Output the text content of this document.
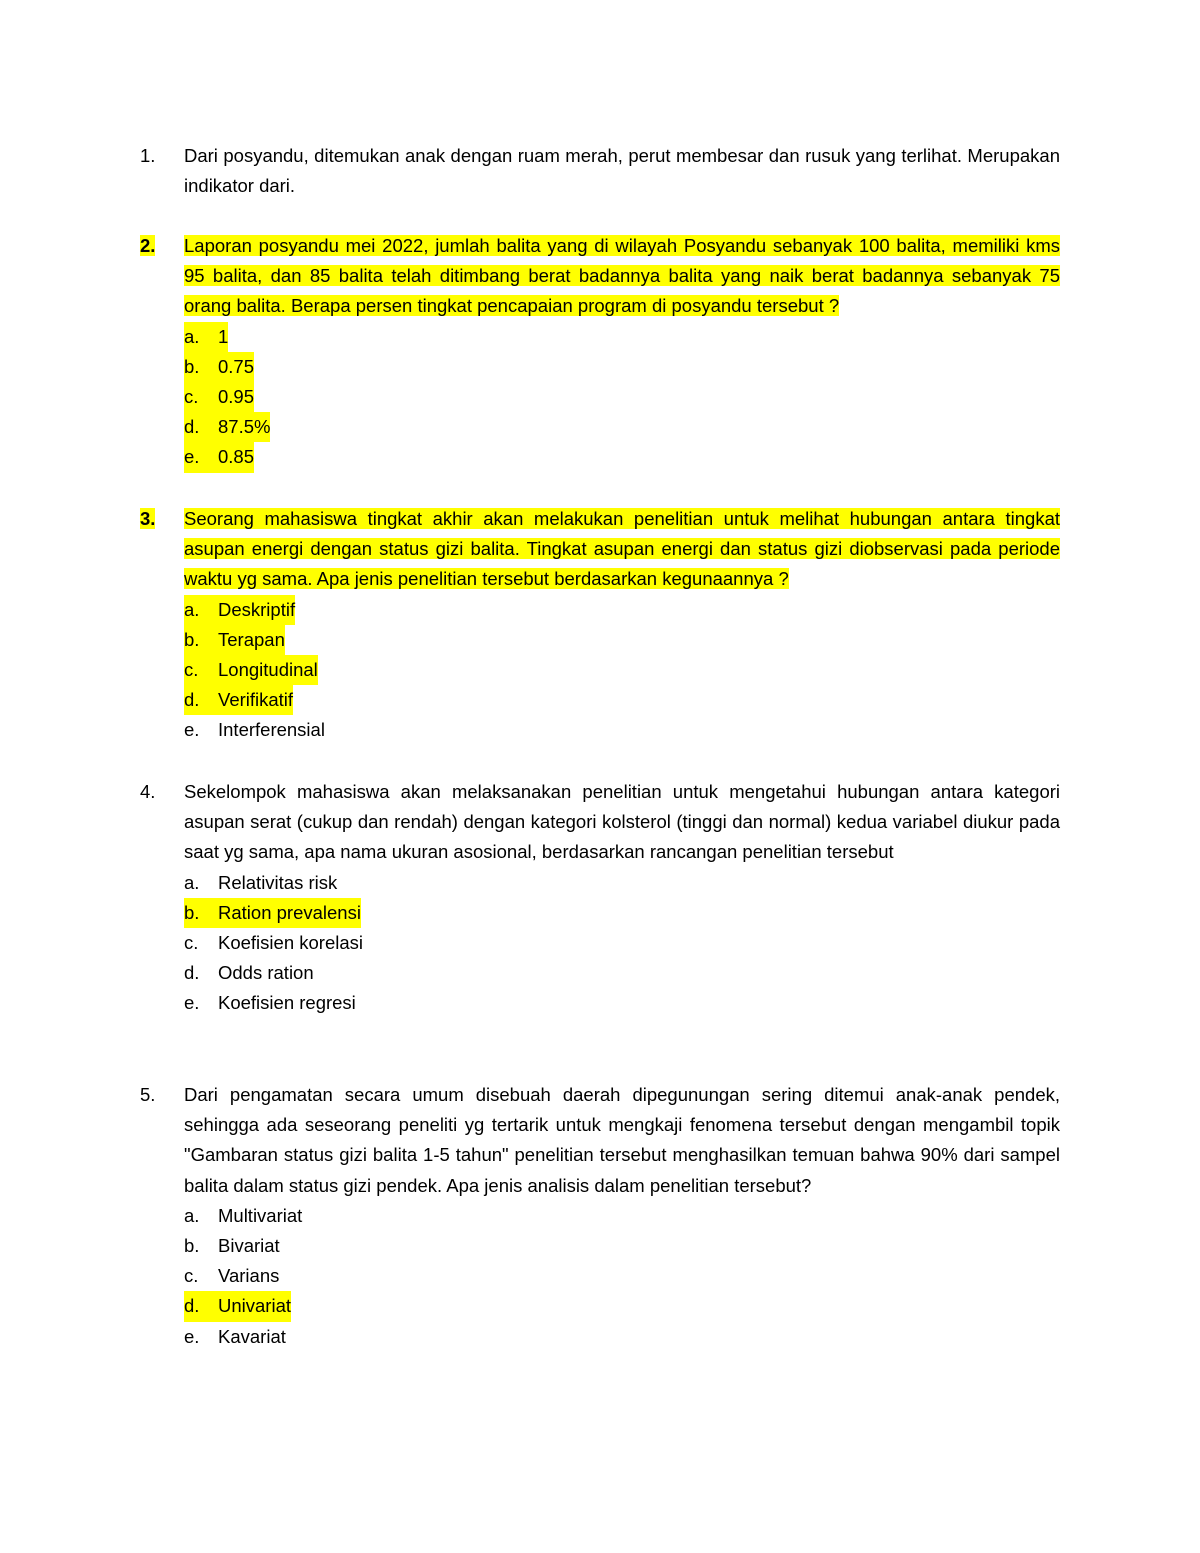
1.	Dari posyandu, ditemukan anak dengan ruam merah, perut membesar dan rusuk yang terlihat. Merupakan indikator dari.
2.	Laporan posyandu mei 2022, jumlah balita yang di wilayah Posyandu sebanyak 100 balita, memiliki kms 95 balita, dan 85 balita telah ditimbang berat badannya balita yang naik berat badannya sebanyak 75 orang balita. Berapa persen tingkat pencapaian program di posyandu tersebut ?
a. 1
b. 0.75
c. 0.95
d. 87.5%
e. 0.85
3.	Seorang mahasiswa tingkat akhir akan melakukan penelitian untuk melihat hubungan antara tingkat asupan energi dengan status gizi balita. Tingkat asupan energi dan status gizi diobservasi pada periode waktu yg sama. Apa jenis penelitian tersebut berdasarkan kegunaannya ?
a. Deskriptif
b. Terapan
c. Longitudinal
d. Verifikatif
e. Interferensial
4.	Sekelompok mahasiswa akan melaksanakan penelitian untuk mengetahui hubungan antara kategori asupan serat (cukup dan rendah) dengan kategori kolsterol (tinggi dan normal) kedua variabel diukur pada saat yg sama, apa nama ukuran asosional, berdasarkan rancangan penelitian tersebut
a. Relativitas risk
b. Ration prevalensi
c. Koefisien korelasi
d. Odds ration
e. Koefisien regresi
5.	Dari pengamatan secara umum disebuah daerah dipegunungan sering ditemui anak-anak pendek, sehingga ada seseorang peneliti yg tertarik untuk mengkaji fenomena tersebut dengan mengambil topik "Gambaran status gizi balita 1-5 tahun" penelitian tersebut menghasilkan temuan bahwa 90% dari sampel balita dalam status gizi pendek. Apa jenis analisis dalam penelitian tersebut?
a. Multivariat
b. Bivariat
c. Varians
d. Univariat
e. Kavariat
